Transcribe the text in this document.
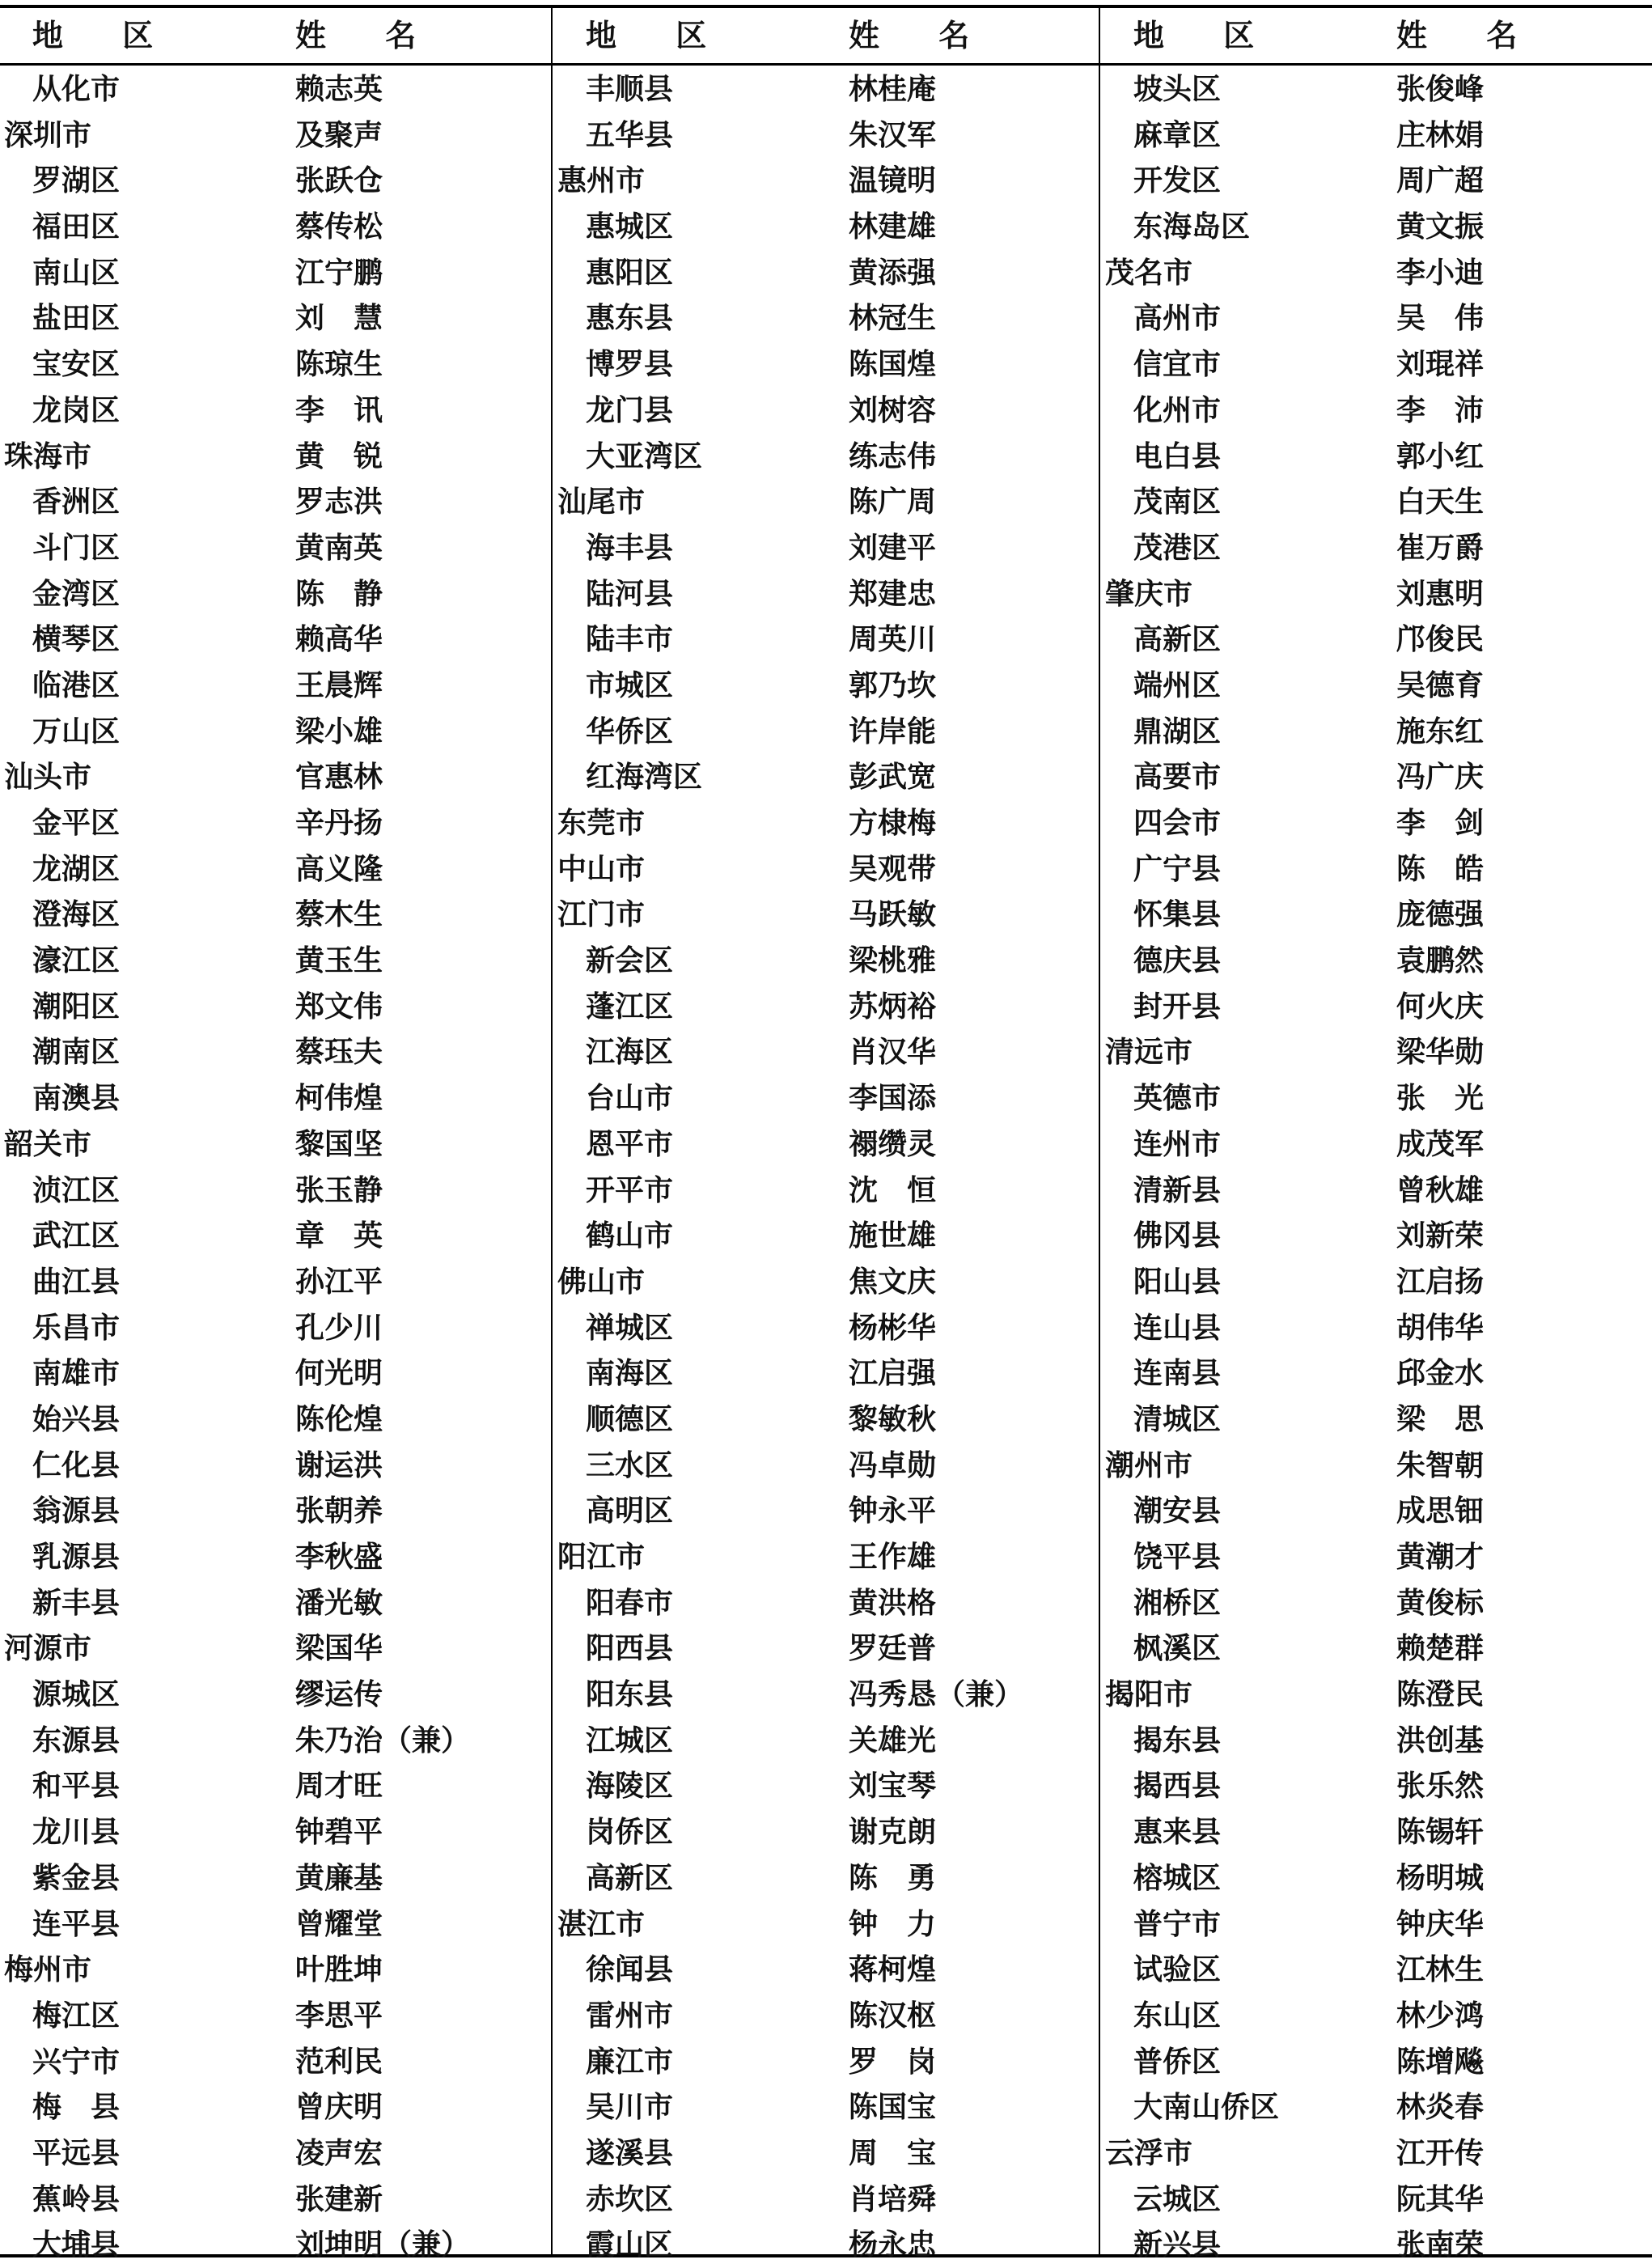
地 区	姓 名
从化市	赖志英
深圳市	及聚声
罗湖区	张跃仓
福田区	蔡传松
南山区	江宁鹏
盐田区	刘　慧
宝安区	陈琼生
龙岗区	李　讯
珠海市	黄　锐
香洲区	罗志洪
斗门区	黄南英
金湾区	陈　静
横琴区	赖高华
临港区	王晨辉
万山区	梁小雄
汕头市	官惠林
金平区	辛丹扬
龙湖区	高义隆
澄海区	蔡木生
濠江区	黄玉生
潮阳区	郑文伟
潮南区	蔡珏夫
南澳县	柯伟煌
韶关市	黎国坚
浈江区	张玉静
武江区	章　英
曲江县	孙江平
乐昌市	孔少川
南雄市	何光明
始兴县	陈伦煌
仁化县	谢运洪
翁源县	张朝养
乳源县	李秋盛
新丰县	潘光敏
河源市	梁国华
源城区	缪运传
东源县	朱乃治（兼）
和平县	周才旺
龙川县	钟碧平
紫金县	黄廉基
连平县	曾耀堂
梅州市	叶胜坤
梅江区	李思平
兴宁市	范利民
梅　县	曾庆明
平远县	凌声宏
蕉岭县	张建新
大埔县	刘坤明（兼）
地 区	姓 名
丰顺县	林桂庵
五华县	朱汉军
惠州市	温镜明
惠城区	林建雄
惠阳区	黄添强
惠东县	林冠生
博罗县	陈国煌
龙门县	刘树容
大亚湾区	练志伟
汕尾市	陈广周
海丰县	刘建平
陆河县	郑建忠
陆丰市	周英川
市城区	郭乃坎
华侨区	许岸能
红海湾区	彭武宽
东莞市	方棣梅
中山市	吴观带
江门市	马跃敏
新会区	梁桃雅
蓬江区	苏炳裕
江海区	肖汉华
台山市	李国添
恩平市	禤缵灵
开平市	沈　恒
鹤山市	施世雄
佛山市	焦文庆
禅城区	杨彬华
南海区	江启强
顺德区	黎敏秋
三水区	冯卓勋
高明区	钟永平
阳江市	王作雄
阳春市	黄洪格
阳西县	罗廷普
阳东县	冯秀恳（兼）
江城区	关雄光
海陵区	刘宝琴
岗侨区	谢克朗
高新区	陈　勇
湛江市	钟　力
徐闻县	蒋柯煌
雷州市	陈汉枢
廉江市	罗　岗
吴川市	陈国宝
遂溪县	周　宝
赤坎区	肖培舜
霞山区	杨永忠
地 区	姓 名
坡头区	张俊峰
麻章区	庄林娟
开发区	周广超
东海岛区	黄文振
茂名市	李小迪
高州市	吴　伟
信宜市	刘琨祥
化州市	李　沛
电白县	郭小红
茂南区	白天生
茂港区	崔万爵
肇庆市	刘惠明
高新区	邝俊民
端州区	吴德育
鼎湖区	施东红
高要市	冯广庆
四会市	李　剑
广宁县	陈　皓
怀集县	庞德强
德庆县	袁鹏然
封开县	何火庆
清远市	梁华勋
英德市	张　光
连州市	成茂军
清新县	曾秋雄
佛冈县	刘新荣
阳山县	江启扬
连山县	胡伟华
连南县	邱金水
清城区	梁　思
潮州市	朱智朝
潮安县	成思钿
饶平县	黄潮才
湘桥区	黄俊标
枫溪区	赖楚群
揭阳市	陈澄民
揭东县	洪创基
揭西县	张乐然
惠来县	陈锡轩
榕城区	杨明城
普宁市	钟庆华
试验区	江林生
东山区	林少鸿
普侨区	陈增飚
大南山侨区	林炎春
云浮市	江开传
云城区	阮其华
新兴县	张南荣
